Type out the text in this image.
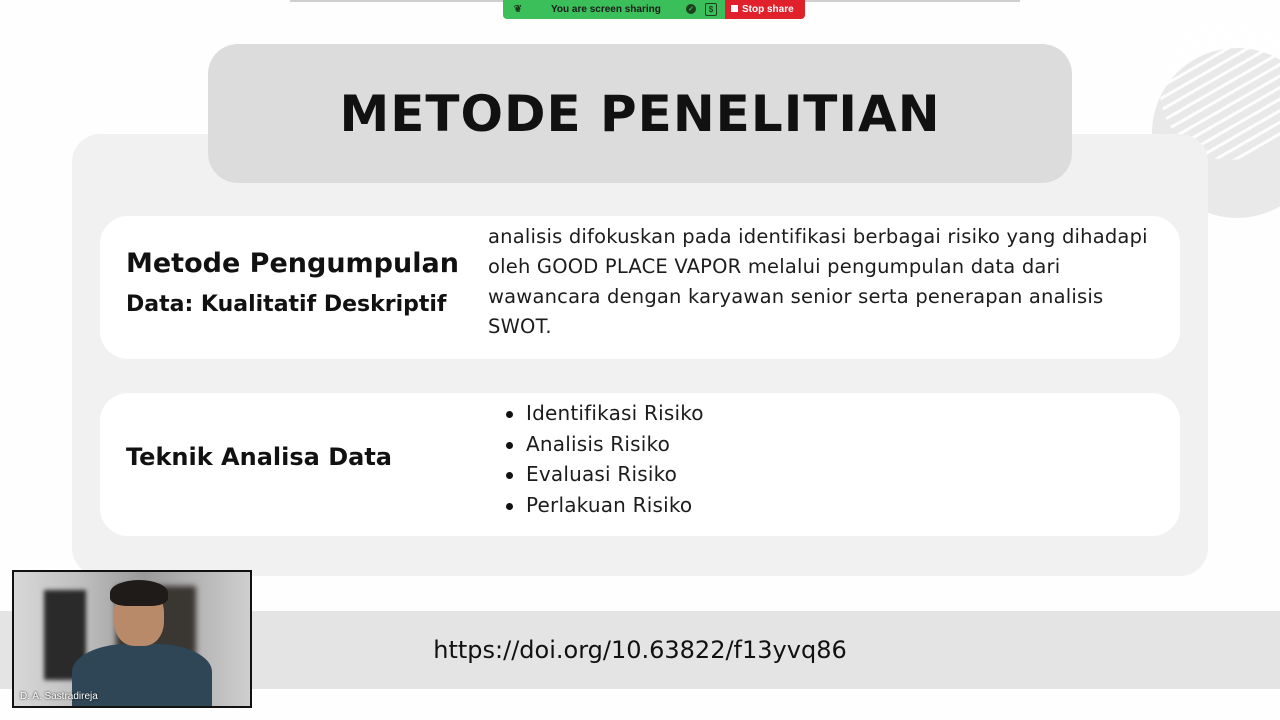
❦	You are screen sharing	✓	$	Stop share
METODE PENELITIAN
Metode Pengumpulan
Data: Kualitatif Deskriptif
analisis difokuskan pada identifikasi berbagai risiko yang dihadapi oleh GOOD PLACE VAPOR melalui pengumpulan data dari wawancara dengan karyawan senior serta penerapan analisis SWOT.
Teknik Analisa Data
Identifikasi Risiko
Analisis Risiko
Evaluasi Risiko
Perlakuan Risiko
https://doi.org/10.63822/f13yvq86
D. A. Sastradireja
